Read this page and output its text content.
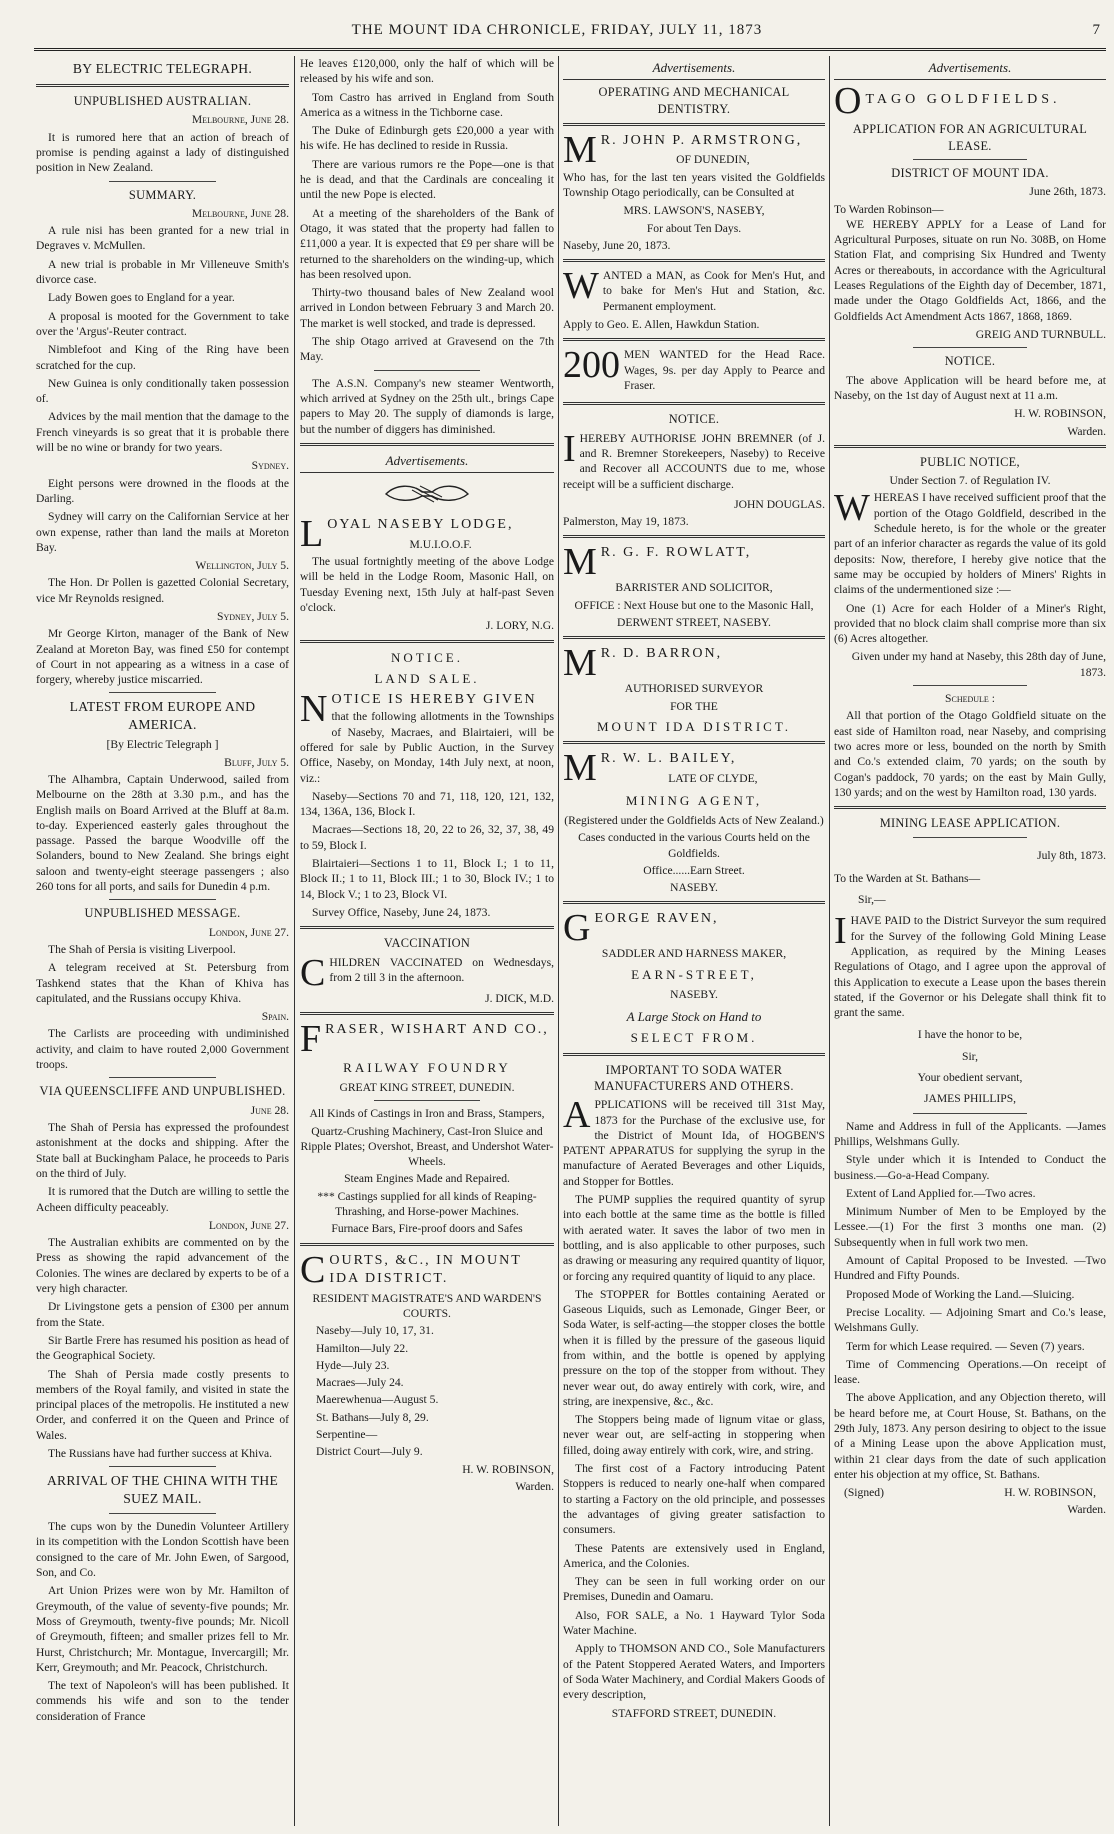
THE MOUNT IDA CHRONICLE, FRIDAY, JULY 11, 1873	7
BY ELECTRIC TELEGRAPH.
UNPUBLISHED AUSTRALIAN.
Melbourne, June 28.

It is rumored here that an action of breach of promise is pending against a lady of distinguished position in New Zealand.

SUMMARY.
Melbourne, June 28.

A rule nisi has been granted for a new trial in Degraves v. McMullen.

A new trial is probable in Mr Villeneuve Smith's divorce case.

Lady Bowen goes to England for a year.

A proposal is mooted for the Government to take over the 'Argus'-Reuter contract.

Nimblefoot and King of the Ring have been scratched for the cup.

New Guinea is only conditionally taken possession of.

Advices by the mail mention that the damage to the French vineyards is so great that it is probable there will be no wine or brandy for two years.

Sydney.

Eight persons were drowned in the floods at the Darling.

Sydney will carry on the Californian Service at her own expense, rather than land the mails at Moreton Bay.

Wellington, July 5.

The Hon. Dr Pollen is gazetted Colonial Secretary, vice Mr Reynolds resigned.

Sydney, July 5.

Mr George Kirton, manager of the Bank of New Zealand at Moreton Bay, was fined £50 for contempt of Court in not appearing as a witness in a case of forgery, whereby justice miscarried.

LATEST FROM EUROPE AND AMERICA.
[By Electric Telegraph ]
Bluff, July 5.

The Alhambra, Captain Underwood, sailed from Melbourne on the 28th at 3.30 p.m., and has the English mails on Board Arrived at the Bluff at 8a.m. to-day. Experienced easterly gales throughout the passage. Passed the barque Woodville off the Solanders, bound to New Zealand. She brings eight saloon and twenty-eight steerage passengers ; also 260 tons for all ports, and sails for Dunedin 4 p.m.

UNPUBLISHED MESSAGE.
London, June 27.

The Shah of Persia is visiting Liverpool.

A telegram received at St. Petersburg from Tashkend states that the Khan of Khiva has capitulated, and the Russians occupy Khiva.

Spain.

The Carlists are proceeding with undiminished activity, and claim to have routed 2,000 Government troops.

VIA QUEENSCLIFFE AND UNPUBLISHED.
June 28.

The Shah of Persia has expressed the profoundest astonishment at the docks and shipping. After the State ball at Buckingham Palace, he proceeds to Paris on the third of July.

It is rumored that the Dutch are willing to settle the Acheen difficulty peaceably.

London, June 27.

The Australian exhibits are commented on by the Press as showing the rapid advancement of the Colonies. The wines are declared by experts to be of a very high character.

Dr Livingstone gets a pension of £300 per annum from the State.

Sir Bartle Frere has resumed his position as head of the Geographical Society.

The Shah of Persia made costly presents to members of the Royal family, and visited in state the principal places of the metropolis. He instituted a new Order, and conferred it on the Queen and Prince of Wales.

The Russians have had further success at Khiva.

ARRIVAL OF THE CHINA WITH THE SUEZ MAIL.

The cups won by the Dunedin Volunteer Artillery in its competition with the London Scottish have been consigned to the care of Mr. John Ewen, of Sargood, Son, and Co.

Art Union Prizes were won by Mr. Hamilton of Greymouth, of the value of seventy-five pounds; Mr. Moss of Greymouth, twenty-five pounds; Mr. Nicoll of Greymouth, fifteen; and smaller prizes fell to Mr. Hurst, Christchurch; Mr. Montague, Invercargill; Mr. Kerr, Greymouth; and Mr. Peacock, Christchurch.

The text of Napoleon's will has been published. It commends his wife and son to the tender consideration of France

He leaves £120,000, only the half of which will be released by his wife and son.

Tom Castro has arrived in England from South America as a witness in the Tichborne case.

The Duke of Edinburgh gets £20,000 a year with his wife. He has declined to reside in Russia.

There are various rumors re the Pope—one is that he is dead, and that the Cardinals are concealing it until the new Pope is elected.

At a meeting of the shareholders of the Bank of Otago, it was stated that the property had fallen to £11,000 a year. It is expected that £9 per share will be returned to the shareholders on the winding-up, which has been resolved upon.

Thirty-two thousand bales of New Zealand wool arrived in London between February 3 and March 20. The market is well stocked, and trade is depressed.

The ship Otago arrived at Gravesend on the 7th May.

The A.S.N. Company's new steamer Wentworth, which arrived at Sydney on the 25th ult., brings Cape papers to May 20. The supply of diamonds is large, but the number of diggers has diminished.

Advertisements.
L OYAL NASEBY LODGE,
M.U.I.O.O.F.

The usual fortnightly meeting of the above Lodge will be held in the Lodge Room, Masonic Hall, on Tuesday Evening next, 15th July at half-past Seven o'clock.

J. LORY, N.G.
NOTICE.
LAND SALE.
N OTICE IS HEREBY GIVEN

that the following allotments in the Townships of Naseby, Macraes, and Blairtaieri, will be offered for sale by Public Auction, in the Survey Office, Naseby, on Monday, 14th July next, at noon, viz.:

Naseby—Sections 70 and 71, 118, 120, 121, 132, 134, 136A, 136, Block I.

Macraes—Sections 18, 20, 22 to 26, 32, 37, 38, 49 to 59, Block I.

Blairtaieri—Sections 1 to 11, Block I.; 1 to 11, Block II.; 1 to 11, Block III.; 1 to 30, Block IV.; 1 to 14, Block V.; 1 to 23, Block VI.

Survey Office, Naseby, June 24, 1873.

VACCINATION
C HILDREN VACCINATED on Wednesdays, from 2 till 3 in the afternoon.

J. DICK, M.D.
F RASER, WISHART AND CO.,
RAILWAY FOUNDRY
GREAT KING STREET, DUNEDIN.
All Kinds of Castings in Iron and Brass, Stampers,
Quartz-Crushing Machinery, Cast-Iron Sluice and Ripple Plates; Overshot, Breast, and Undershot Water-Wheels.
Steam Engines Made and Repaired.
*** Castings supplied for all kinds of Reaping-Thrashing, and Horse-power Machines.
Furnace Bars, Fire-proof doors and Safes
C OURTS, &C., IN MOUNT IDA DISTRICT.
RESIDENT MAGISTRATE'S AND WARDEN'S COURTS.
Naseby—July 10, 17, 31.
Hamilton—July 22.
Hyde—July 23.
Macraes—July 24.
Maerewhenua—August 5.
St. Bathans—July 8, 29.
Serpentine—
District Court—July 9.
H. W. ROBINSON,
Warden.
Advertisements.
OPERATING AND MECHANICAL DENTISTRY.
M R. JOHN P. ARMSTRONG,
OF DUNEDIN,

Who has, for the last ten years visited the Goldfields Township Otago periodically, can be Consulted at

MRS. LAWSON'S, NASEBY,
For about Ten Days.
Naseby, June 20, 1873.
W ANTED a MAN, as Cook for Men's Hut, and to bake for Men's Hut and Station, &c. Permanent employment.

Apply to Geo. E. Allen, Hawkdun Station.
200 MEN WANTED for the Head Race. Wages, 9s. per day Apply to Pearce and Fraser.

NOTICE.
I HEREBY AUTHORISE JOHN BREMNER (of J. and R. Bremner Storekeepers, Naseby) to Receive and Recover all ACCOUNTS due to me, whose receipt will be a sufficient discharge.

JOHN DOUGLAS.
Palmerston, May 19, 1873.
M R. G. F. ROWLATT,
BARRISTER AND SOLICITOR,
OFFICE : Next House but one to the Masonic Hall,
DERWENT STREET, NASEBY.
M R. D. BARRON,
AUTHORISED SURVEYOR
FOR THE
MOUNT IDA DISTRICT.
M R. W. L. BAILEY,
LATE OF CLYDE,
MINING AGENT,
(Registered under the Goldfields Acts of New Zealand.)
Cases conducted in the various Courts held on the Goldfields.
Office......Earn Street.
NASEBY.
G EORGE RAVEN,
SADDLER AND HARNESS MAKER,
EARN-STREET,
NASEBY.
A Large Stock on Hand to
SELECT FROM.
IMPORTANT TO SODA WATER MANUFACTURERS AND OTHERS.
A PPLICATIONS will be received till 31st May, 1873 for the Purchase of the exclusive use, for the District of Mount Ida, of HOGBEN'S PATENT APPARATUS for supplying the syrup in the manufacture of Aerated Beverages and other Liquids, and Stopper for Bottles.

The PUMP supplies the required quantity of syrup into each bottle at the same time as the bottle is filled with aerated water. It saves the labor of two men in bottling, and is also applicable to other purposes, such as drawing or measuring any required quantity of liquor, or forcing any required quantity of liquid to any place.

The STOPPER for Bottles containing Aerated or Gaseous Liquids, such as Lemonade, Ginger Beer, or Soda Water, is self-acting—the stopper closes the bottle when it is filled by the pressure of the gaseous liquid from within, and the bottle is opened by applying pressure on the top of the stopper from without. They never wear out, do away entirely with cork, wire, and string, are inexpensive, &c., &c.

The Stoppers being made of lignum vitae or glass, never wear out, are self-acting in stoppering when filled, doing away entirely with cork, wire, and string.

The first cost of a Factory introducing Patent Stoppers is reduced to nearly one-half when compared to starting a Factory on the old principle, and possesses the advantages of giving greater satisfaction to consumers.

These Patents are extensively used in England, America, and the Colonies.

They can be seen in full working order on our Premises, Dunedin and Oamaru.

Also, FOR SALE, a No. 1 Hayward Tylor Soda Water Machine.

Apply to THOMSON AND CO., Sole Manufacturers of the Patent Stoppered Aerated Waters, and Importers of Soda Water Machinery, and Cordial Makers Goods of every description,

STAFFORD STREET, DUNEDIN.
Advertisements.
O TAGO GOLDFIELDS.
APPLICATION FOR AN AGRICULTURAL LEASE.
DISTRICT OF MOUNT IDA.
June 26th, 1873.
To Warden Robinson—

WE HEREBY APPLY for a Lease of Land for Agricultural Purposes, situate on run No. 308B, on Home Station Flat, and comprising Six Hundred and Twenty Acres or thereabouts, in accordance with the Agricultural Leases Regulations of the Eighth day of December, 1871, made under the Otago Goldfields Act, 1866, and the Goldfields Act Amendment Acts 1867, 1868, 1869.

GREIG AND TURNBULL.
NOTICE.

The above Application will be heard before me, at Naseby, on the 1st day of August next at 11 a.m.

H. W. ROBINSON,
Warden.
PUBLIC NOTICE,
Under Section 7. of Regulation IV.
W HEREAS I have received sufficient proof that the portion of the Otago Goldfield, described in the Schedule hereto, is for the whole or the greater part of an inferior character as regards the value of its gold deposits: Now, therefore, I hereby give notice that the same may be occupied by holders of Miners' Rights in claims of the undermentioned size :—

One (1) Acre for each Holder of a Miner's Right, provided that no block claim shall comprise more than six (6) Acres altogether.

Given under my hand at Naseby, this 28th day of June, 1873.
Schedule :

All that portion of the Otago Goldfield situate on the east side of Hamilton road, near Naseby, and comprising two acres more or less, bounded on the north by Smith and Co.'s extended claim, 70 yards; on the south by Cogan's paddock, 70 yards; on the east by Main Gully, 130 yards; and on the west by Hamilton road, 130 yards.

MINING LEASE APPLICATION.
July 8th, 1873.
To the Warden at St. Bathans—
Sir,—
I HAVE PAID to the District Surveyor the sum required for the Survey of the following Gold Mining Lease Application, as required by the Mining Leases Regulations of Otago, and I agree upon the approval of this Application to execute a Lease upon the bases therein stated, if the Governor or his Delegate shall think fit to grant the same.

I have the honor to be,
Sir,
Your obedient servant,
JAMES PHILLIPS,

Name and Address in full of the Applicants. —James Phillips, Welshmans Gully.

Style under which it is Intended to Conduct the business.—Go-a-Head Company.

Extent of Land Applied for.—Two acres.

Minimum Number of Men to be Employed by the Lessee.—(1) For the first 3 months one man. (2) Subsequently when in full work two men.

Amount of Capital Proposed to be Invested. —Two Hundred and Fifty Pounds.

Proposed Mode of Working the Land.—Sluicing.

Precise Locality. — Adjoining Smart and Co.'s lease, Welshmans Gully.

Term for which Lease required. — Seven (7) years.

Time of Commencing Operations.—On receipt of lease.

The above Application, and any Objection thereto, will be heard before me, at Court House, St. Bathans, on the 29th July, 1873. Any person desiring to object to the issue of a Mining Lease upon the above Application must, within 21 clear days from the date of such application enter his objection at my office, St. Bathans.

(Signed)	H. W. ROBINSON,
Warden.
